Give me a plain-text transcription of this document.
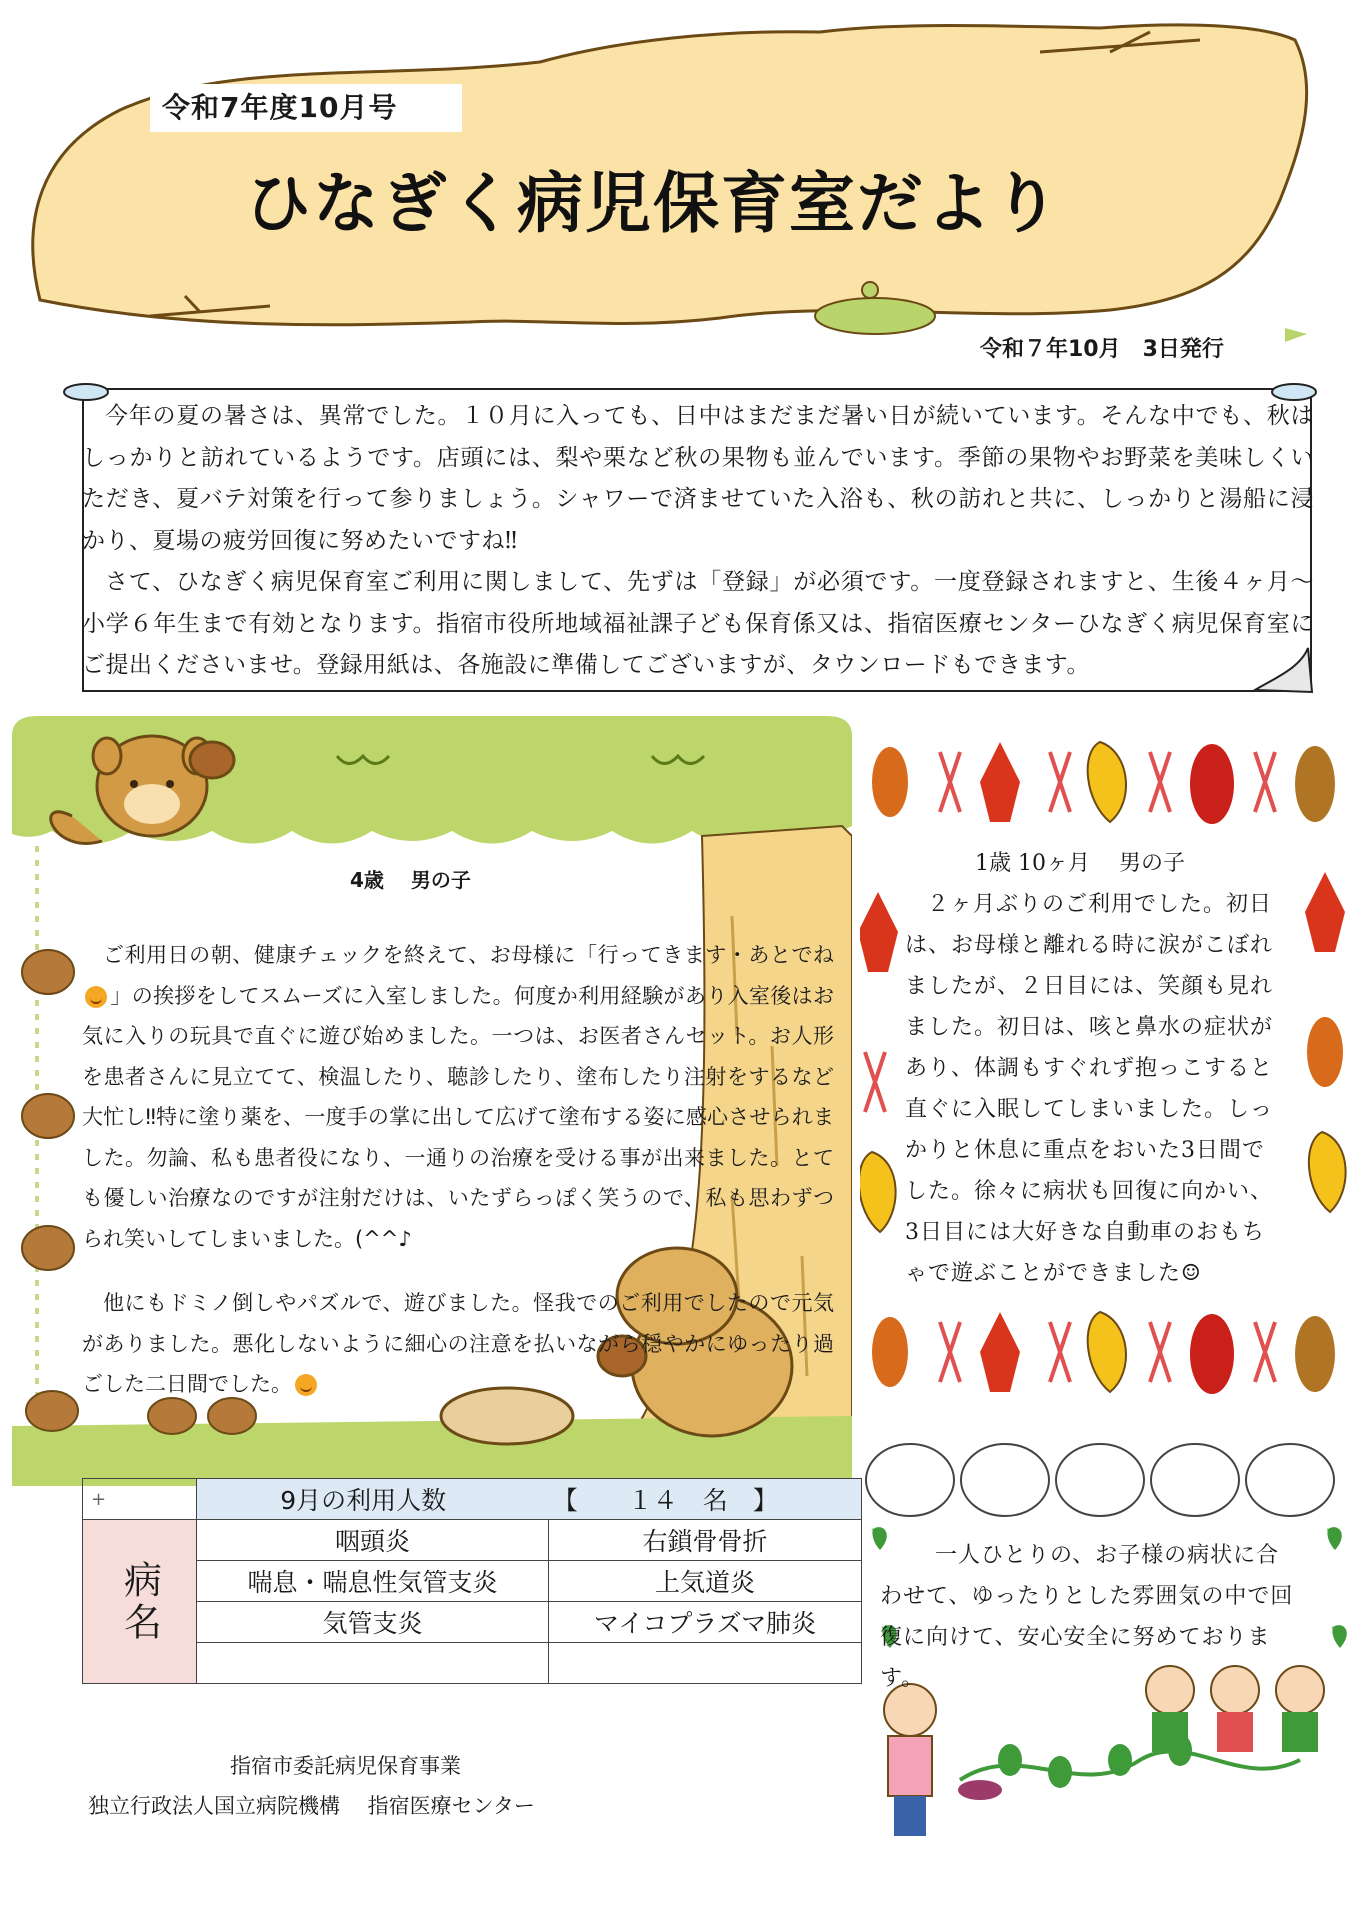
令和7年度10月号
ひなぎく病児保育室だより
令和７年10月　3日発行

今年の夏の暑さは、異常でした。１０月に入っても、日中はまだまだ暑い日が続いています。そんな中でも、秋はしっかりと訪れているようです。店頭には、梨や栗など秋の果物も並んでいます。季節の果物やお野菜を美味しくいただき、夏バテ対策を行って参りましょう。シャワーで済ませていた入浴も、秋の訪れと共に、しっかりと湯船に浸かり、夏場の疲労回復に努めたいですね‼

さて、ひなぎく病児保育室ご利用に関しまして、先ずは「登録」が必須です。一度登録されますと、生後４ヶ月〜小学６年生まで有効となります。指宿市役所地域福祉課子ども保育係又は、指宿医療センターひなぎく病児保育室にご提出くださいませ。登録用紙は、各施設に準備してございますが、タウンロードもできます。

4歳　 男の子

ご利用日の朝、健康チェックを終えて、お母様に「行ってきます・あとでね」の挨拶をしてスムーズに入室しました。何度か利用経験があり入室後はお気に入りの玩具で直ぐに遊び始めました。一つは、お医者さんセット。お人形を患者さんに見立てて、検温したり、聴診したり、塗布したり注射をするなど大忙し‼特に塗り薬を、一度手の掌に出して広げて塗布する姿に感心させられました。勿論、私も患者役になり、一通りの治療を受ける事が出来ました。とても優しい治療なのですが注射だけは、いたずらっぽく笑うので、私も思わずつられ笑いしてしまいました。(^^♪

他にもドミノ倒しやパズルで、遊びました。怪我でのご利用でしたので元気がありました。悪化しないように細心の注意を払いながら穏やかにゆったり過ごした二日間でした。

1歳 10ヶ月　 男の子

２ヶ月ぶりのご利用でした。初日は、お母様と離れる時に涙がこぼれましたが、２日目には、笑顔も見れました。初日は、咳と鼻水の症状があり、体調もすぐれず抱っこすると直ぐに入眠してしまいました。しっかりと休息に重点をおいた3日間でした。徐々に病状も回復に向かい、3日目には大好きな自動車のおもちゃで遊ぶことができました☺

+	9月の利用人数 【　　１４　名　】	

病名	咽頭炎	右鎖骨骨折
	喘息・喘息性気管支炎	上気道炎
	気管支炎	マイコプラズマ肺炎

一人ひとりの、お子様の病状に合わせて、ゆったりとした雰囲気の中で回復に向けて、安心安全に努めております。

指宿市委託病児保育事業
独立行政法人国立病院機構　 指宿医療センター
